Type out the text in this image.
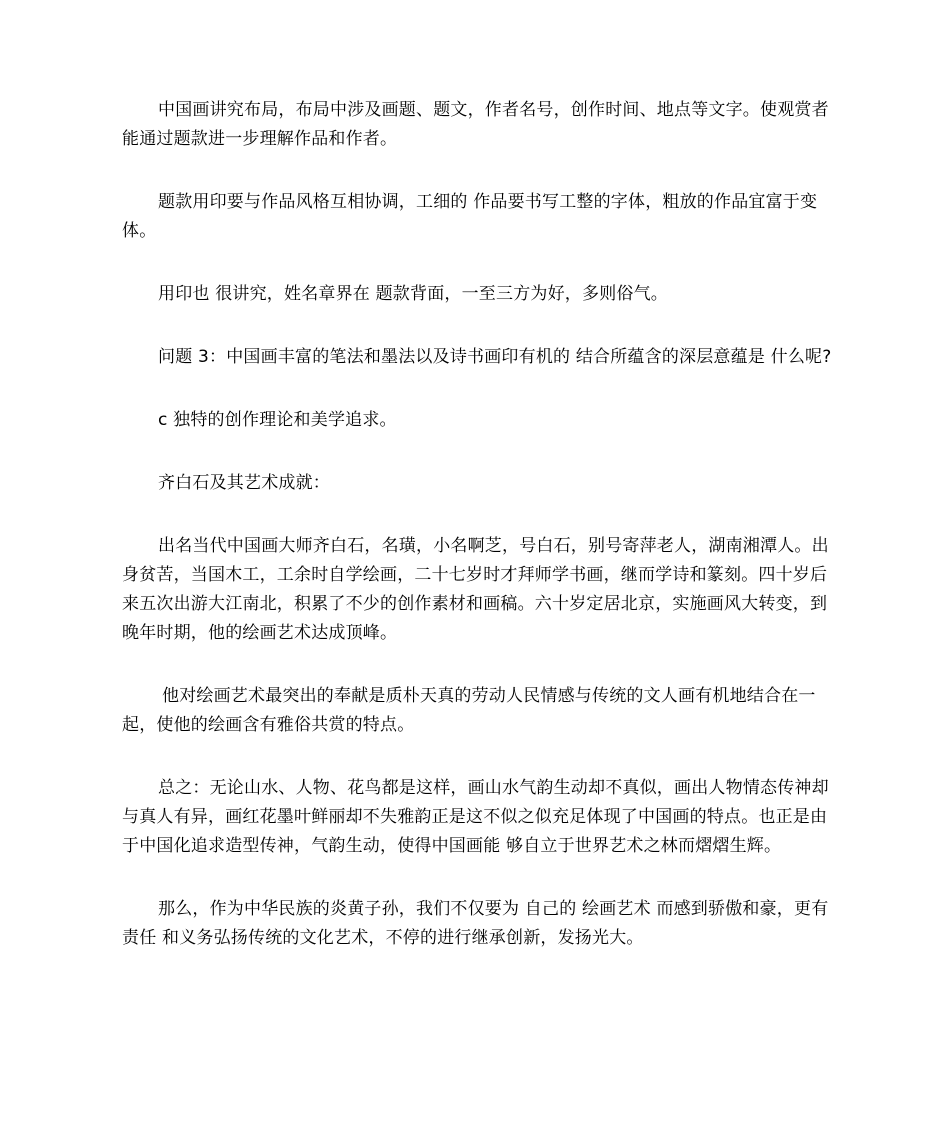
中国画讲究布局，布局中涉及画题、题文，作者名号，创作时间、地点等文字。使观赏者能通过题款进一步理解作品和作者。

题款用印要与作品风格互相协调，工细的 作品要书写工整的字体，粗放的作品宜富于变体。

用印也 很讲究，姓名章界在 题款背面，一至三方为好，多则俗气。

问题 3：中国画丰富的笔法和墨法以及诗书画印有机的 结合所蕴含的深层意蕴是 什么呢?

c 独特的创作理论和美学追求。

齐白石及其艺术成就：

出名当代中国画大师齐白石，名璜，小名啊芝，号白石，别号寄萍老人，湖南湘潭人。出身贫苦，当国木工，工余时自学绘画，二十七岁时才拜师学书画，继而学诗和篆刻。四十岁后来五次出游大江南北，积累了不少的创作素材和画稿。六十岁定居北京，实施画风大转变，到晚年时期，他的绘画艺术达成顶峰。

他对绘画艺术最突出的奉献是质朴天真的劳动人民情感与传统的文人画有机地结合在一起，使他的绘画含有雅俗共赏的特点。

总之：无论山水、人物、花鸟都是这样，画山水气韵生动却不真似，画出人物情态传神却与真人有异，画红花墨叶鲜丽却不失雅韵正是这不似之似充足体现了中国画的特点。也正是由于中国化追求造型传神，气韵生动，使得中国画能 够自立于世界艺术之林而熠熠生辉。

那么，作为中华民族的炎黄子孙，我们不仅要为 自己的 绘画艺术 而感到骄傲和豪，更有责任 和义务弘扬传统的文化艺术，不停的进行继承创新，发扬光大。
